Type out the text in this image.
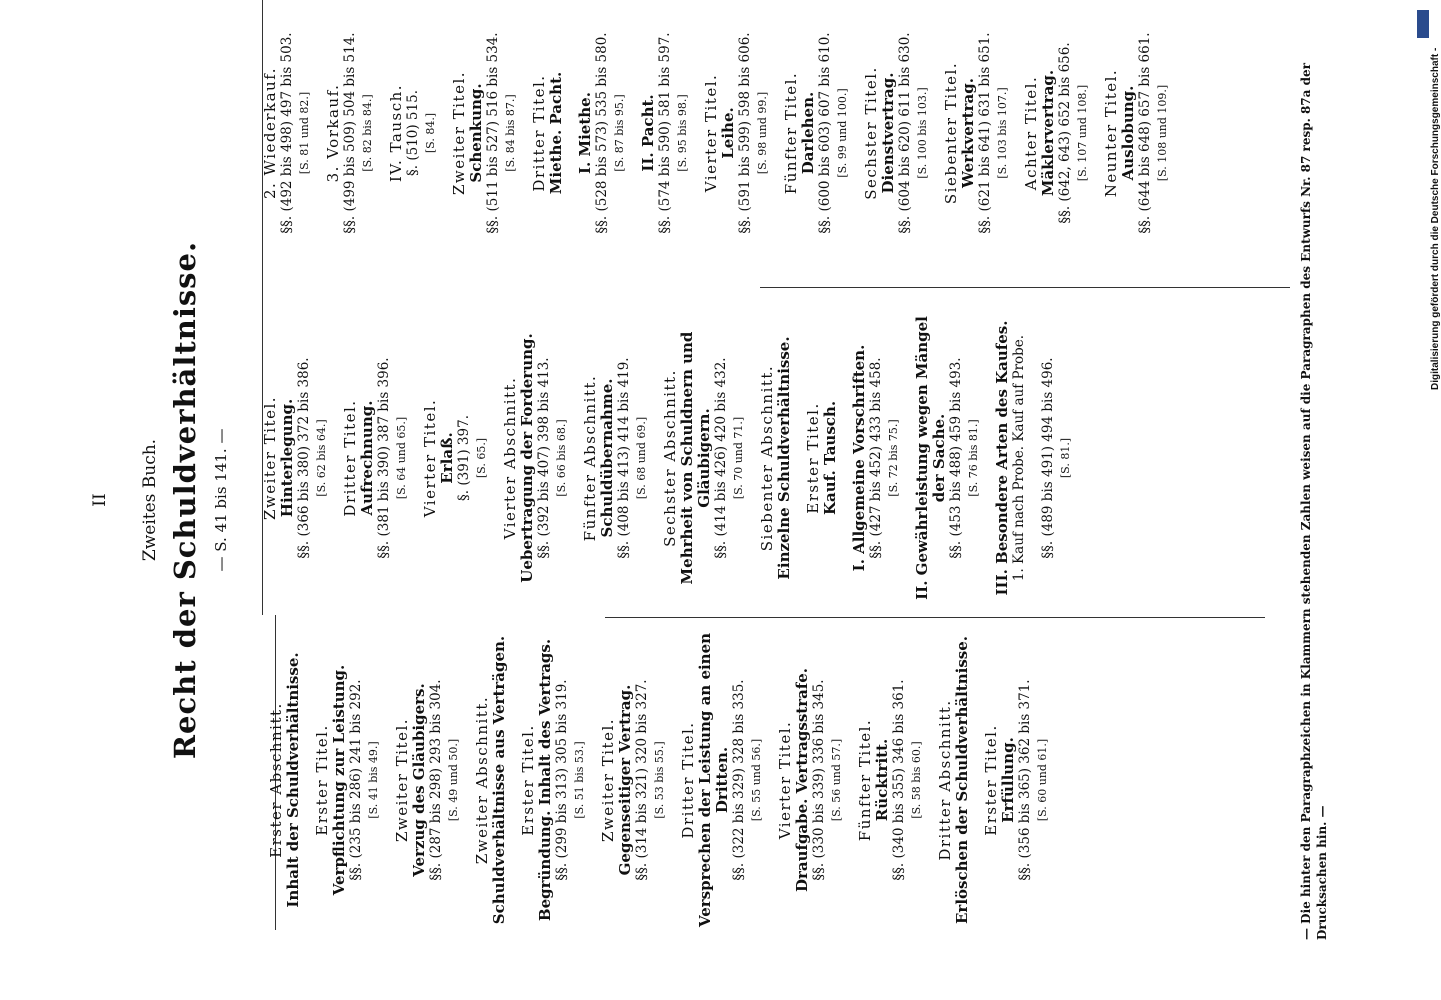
II Zweites Buch. Recht der Schuldverhältnisse. — S. 41 bis 141. —
Erster Abschnitt. Inhalt der Schuldverhältnisse. Erster Titel. Verpflichtung zur Leistung. §§. (235 bis 286) 241 bis 292. [S. 41 bis 49.] Zweiter Titel. Verzug des Gläubigers. §§. (287 bis 298) 293 bis 304. [S. 49 und 50.] Zweiter Abschnitt. Schuldverhältnisse aus Verträgen. Erster Titel. Begründung. Inhalt des Vertrags. §§. (299 bis 313) 305 bis 319. [S. 51 bis 53.] Zweiter Titel. Gegenseitiger Vertrag. §§. (314 bis 321) 320 bis 327. [S. 53 bis 55.] Dritter Titel. Versprechen der Leistung an einen Dritten. §§. (322 bis 329) 328 bis 335. [S. 55 und 56.] Vierter Titel. Draufgabe. Vertragsstrafe. §§. (330 bis 339) 336 bis 345. [S. 56 und 57.] Fünfter Titel. Rücktritt. §§. (340 bis 355) 346 bis 361. [S. 58 bis 60.] Dritter Abschnitt. Erlöschen der Schuldverhältnisse. Erster Titel. Erfüllung. §§. (356 bis 365) 362 bis 371. [S. 60 und 61.]
Zweiter Titel. Hinterlegung. §§. (366 bis 380) 372 bis 386. [S. 62 bis 64.] Dritter Titel. Aufrechnung. §§. (381 bis 390) 387 bis 396. [S. 64 und 65.] Vierter Titel. Erlaß. §. (391) 397. [S. 65.] Vierter Abschnitt. Uebertragung der Forderung. §§. (392 bis 407) 398 bis 413. [S. 66 bis 68.] Fünfter Abschnitt. Schuldübernahme. §§. (408 bis 413) 414 bis 419. [S. 68 und 69.] Sechster Abschnitt. Mehrheit von Schuldnern und Gläubigern. §§. (414 bis 426) 420 bis 432. [S. 70 und 71.] Siebenter Abschnitt. Einzelne Schuldverhältnisse. Erster Titel. Kauf. Tausch. I. Allgemeine Vorschriften. §§. (427 bis 452) 433 bis 458. [S. 72 bis 75.] II. Gewährleistung wegen Mängel der Sache. §§. (453 bis 488) 459 bis 493. [S. 76 bis 81.] III. Besondere Arten des Kaufes. 1. Kauf nach Probe. Kauf auf Probe. §§. (489 bis 491) 494 bis 496. [S. 81.]
2. Wiederkauf. §§. (492 bis 498) 497 bis 503. [S. 81 und 82.] 3. Vorkauf. §§. (499 bis 509) 504 bis 514. [S. 82 bis 84.] IV. Tausch. §. (510) 515. [S. 84.] Zweiter Titel. Schenkung. §§. (511 bis 527) 516 bis 534. [S. 84 bis 87.] Dritter Titel. Miethe. Pacht. I. Miethe. §§. (528 bis 573) 535 bis 580. [S. 87 bis 95.] II. Pacht. §§. (574 bis 590) 581 bis 597. [S. 95 bis 98.] Vierter Titel. Leihe. §§. (591 bis 599) 598 bis 606. [S. 98 und 99.] Fünfter Titel. Darlehen. §§. (600 bis 603) 607 bis 610. [S. 99 und 100.] Sechster Titel. Dienstvertrag. §§. (604 bis 620) 611 bis 630. [S. 100 bis 103.] Siebenter Titel. Werkvertrag. §§. (621 bis 641) 631 bis 651. [S. 103 bis 107.] Achter Titel. Mäklervertrag. §§. (642, 643) 652 bis 656. [S. 107 und 108.] Neunter Titel. Auslobung. §§. (644 bis 648) 657 bis 661. [S. 108 und 109.]	— Die hinter den Paragraphzeichen in Klammern stehenden Zahlen weisen auf die Paragraphen des Entwurfs Nr. 87 resp. 87a der Drucksachen hin. —
Digitalisierung gefördert durch die Deutsche Forschungsgemeinschaft -
